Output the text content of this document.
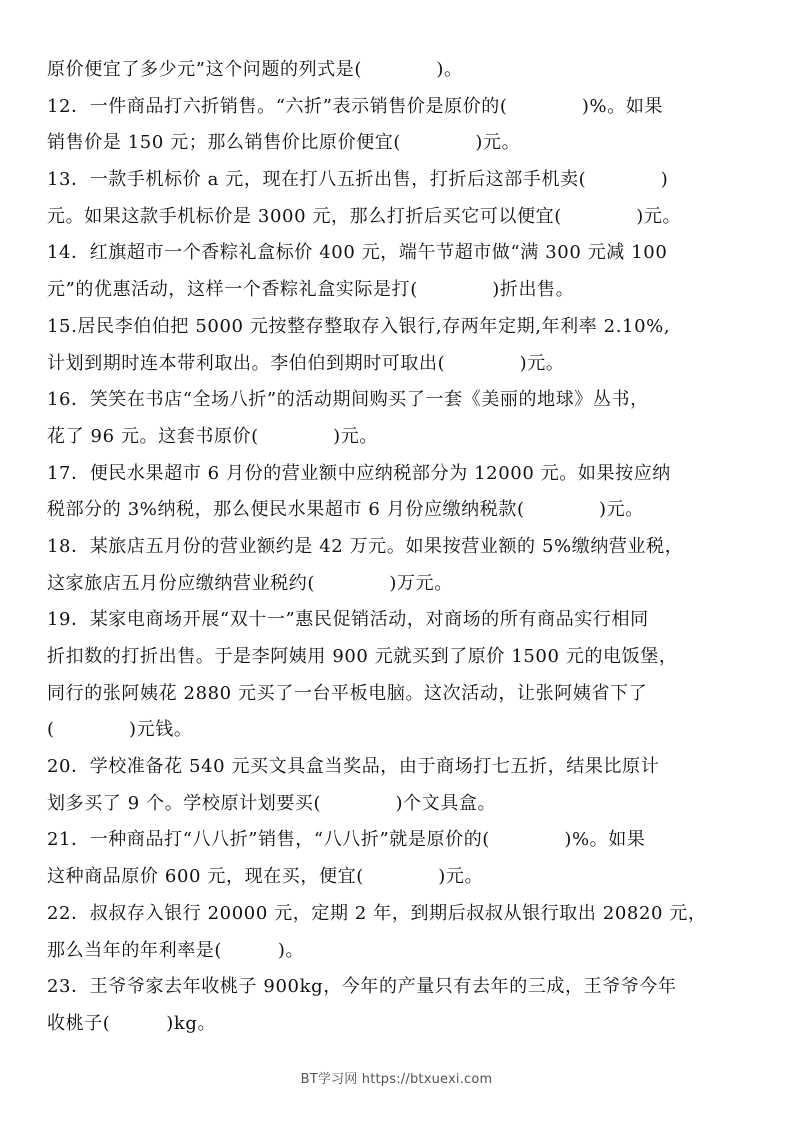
原价便宜了多少元”这个问题的列式是(　　　　)。
12．一件商品打六折销售。“六折”表示销售价是原价的(　　　　)%。如果
销售价是 150 元；那么销售价比原价便宜(　　　　)元。
13．一款手机标价 a 元，现在打八五折出售，打折后这部手机卖(　　　　)
元。如果这款手机标价是 3000 元，那么打折后买它可以便宜(　　　　)元。
14．红旗超市一个香粽礼盒标价 400 元，端午节超市做“满 300 元减 100
元”的优惠活动，这样一个香粽礼盒实际是打(　　　　)折出售。
15.居民李伯伯把 5000 元按整存整取存入银行,存两年定期,年利率 2.10%,
计划到期时连本带利取出。李伯伯到期时可取出(　　　　)元。
16．笑笑在书店“全场八折”的活动期间购买了一套《美丽的地球》丛书，
花了 96 元。这套书原价(　　　　)元。
17．便民水果超市 6 月份的营业额中应纳税部分为 12000 元。如果按应纳
税部分的 3%纳税，那么便民水果超市 6 月份应缴纳税款(　　　　)元。
18．某旅店五月份的营业额约是 42 万元。如果按营业额的 5%缴纳营业税，
这家旅店五月份应缴纳营业税约(　　　　)万元。
19．某家电商场开展“双十一”惠民促销活动，对商场的所有商品实行相同
折扣数的打折出售。于是李阿姨用 900 元就买到了原价 1500 元的电饭堡，
同行的张阿姨花 2880 元买了一台平板电脑。这次活动，让张阿姨省下了
(　　　　)元钱。
20．学校准备花 540 元买文具盒当奖品，由于商场打七五折，结果比原计
划多买了 9 个。学校原计划要买(　　　　)个文具盒。
21．一种商品打“八八折”销售，“八八折”就是原价的(　　　　)%。如果
这种商品原价 600 元，现在买，便宜(　　　　)元。
22．叔叔存入银行 20000 元，定期 2 年，到期后叔叔从银行取出 20820 元，
那么当年的年利率是(　　　)。
23．王爷爷家去年收桃子 900kg，今年的产量只有去年的三成，王爷爷今年
收桃子(　　　)kg。
BT学习网 https://btxuexi.com
